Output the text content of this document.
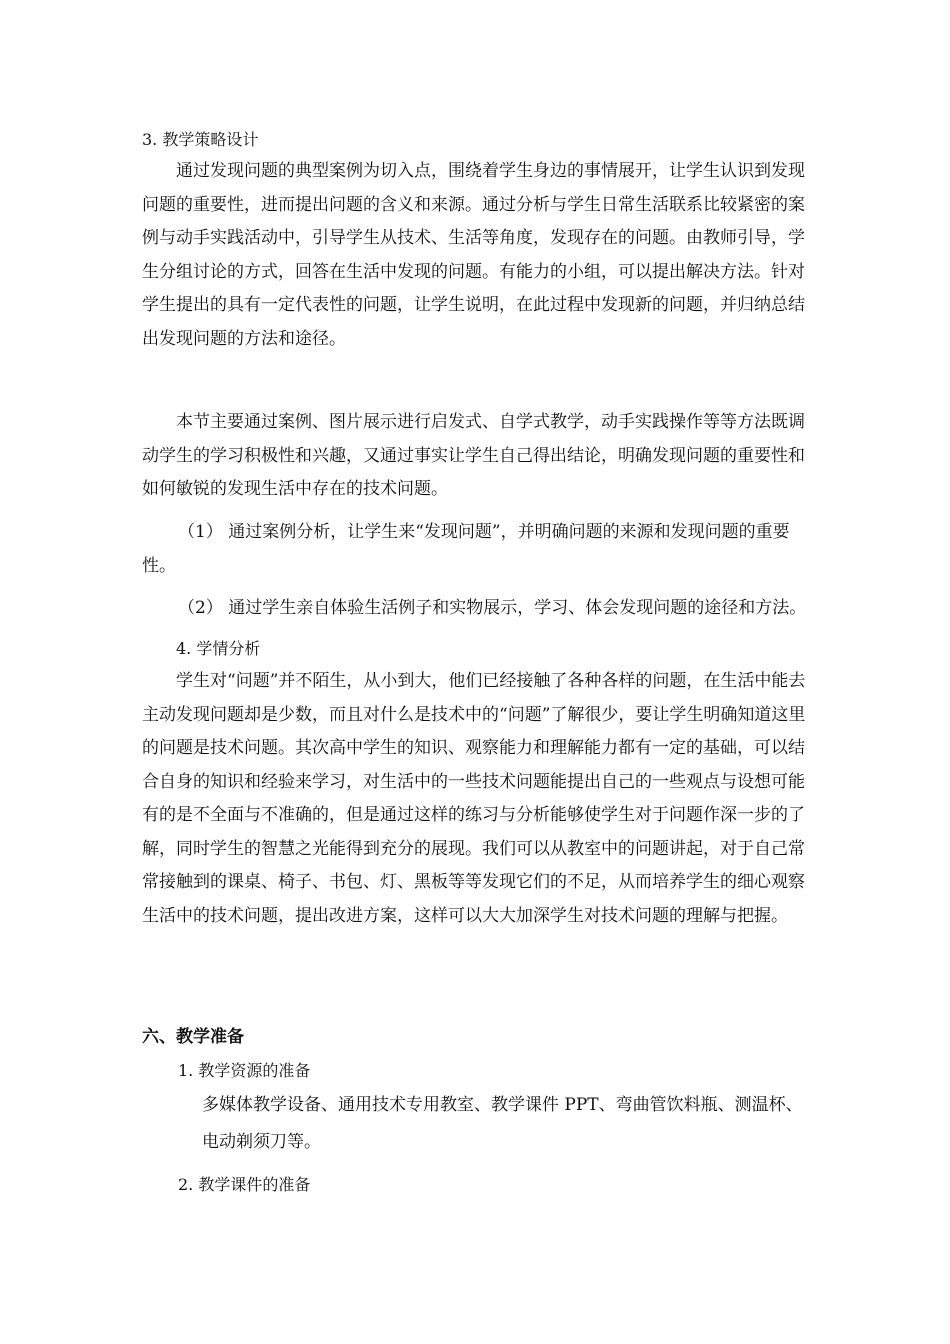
3. 教学策略设计

通过发现问题的典型案例为切入点，围绕着学生身边的事情展开，让学生认识到发现问题的重要性，进而提出问题的含义和来源。通过分析与学生日常生活联系比较紧密的案例与动手实践活动中，引导学生从技术、生活等角度，发现存在的问题。由教师引导，学生分组讨论的方式，回答在生活中发现的问题。有能力的小组，可以提出解决方法。针对学生提出的具有一定代表性的问题，让学生说明，在此过程中发现新的问题，并归纳总结出发现问题的方法和途径。

本节主要通过案例、图片展示进行启发式、自学式教学，动手实践操作等等方法既调动学生的学习积极性和兴趣，又通过事实让学生自己得出结论，明确发现问题的重要性和如何敏锐的发现生活中存在的技术问题。

（1） 通过案例分析，让学生来“发现问题”，并明确问题的来源和发现问题的重要性。

（2） 通过学生亲自体验生活例子和实物展示，学习、体会发现问题的途径和方法。

4. 学情分析

学生对“问题”并不陌生，从小到大，他们已经接触了各种各样的问题，在生活中能去主动发现问题却是少数，而且对什么是技术中的“问题”了解很少，要让学生明确知道这里的问题是技术问题。其次高中学生的知识、观察能力和理解能力都有一定的基础，可以结合自身的知识和经验来学习，对生活中的一些技术问题能提出自己的一些观点与设想可能有的是不全面与不准确的，但是通过这样的练习与分析能够使学生对于问题作深一步的了解，同时学生的智慧之光能得到充分的展现。我们可以从教室中的问题讲起，对于自己常常接触到的课桌、椅子、书包、灯、黑板等等发现它们的不足，从而培养学生的细心观察生活中的技术问题，提出改进方案，这样可以大大加深学生对技术问题的理解与把握。

六、教学准备

1. 教学资源的准备

多媒体教学设备、通用技术专用教室、教学课件 PPT、弯曲管饮料瓶、测温杯、电动剃须刀等。

2. 教学课件的准备
